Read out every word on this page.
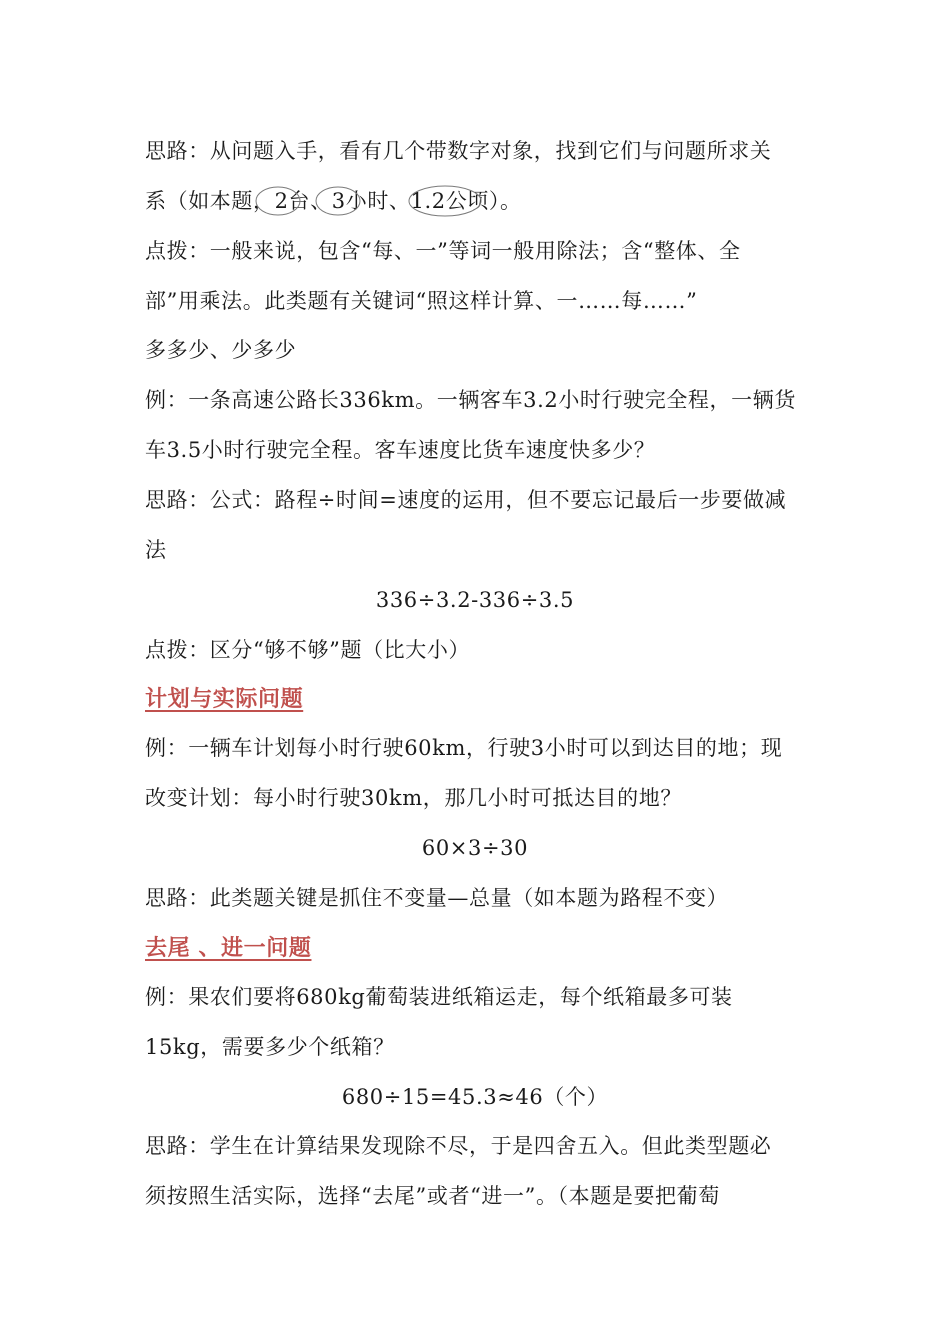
思路：从问题入手，看有几个带数字对象，找到它们与问题所求关

系（如本题，2台、3小时、1.2公顷）。

点拨：一般来说，包含“每、一”等词一般用除法；含“整体、全

部”用乘法。此类题有关键词“照这样计算、一……每……”

多多少、少多少

例：一条高速公路长336km。一辆客车3.2小时行驶完全程，一辆货

车3.5小时行驶完全程。客车速度比货车速度快多少？

思路：公式：路程÷时间=速度的运用，但不要忘记最后一步要做减

法

336÷3.2-336÷3.5

点拨：区分“够不够”题（比大小）

计划与实际问题

例：一辆车计划每小时行驶60km，行驶3小时可以到达目的地；现

改变计划：每小时行驶30km，那几小时可抵达目的地？

60×3÷30

思路：此类题关键是抓住不变量—总量（如本题为路程不变）

去尾 、进一问题

例：果农们要将680kg葡萄装进纸箱运走，每个纸箱最多可装

15kg，需要多少个纸箱？

680÷15=45.3≈46（个）

思路：学生在计算结果发现除不尽，于是四舍五入。但此类型题必

须按照生活实际，选择“去尾”或者“进一”。（本题是要把葡萄
